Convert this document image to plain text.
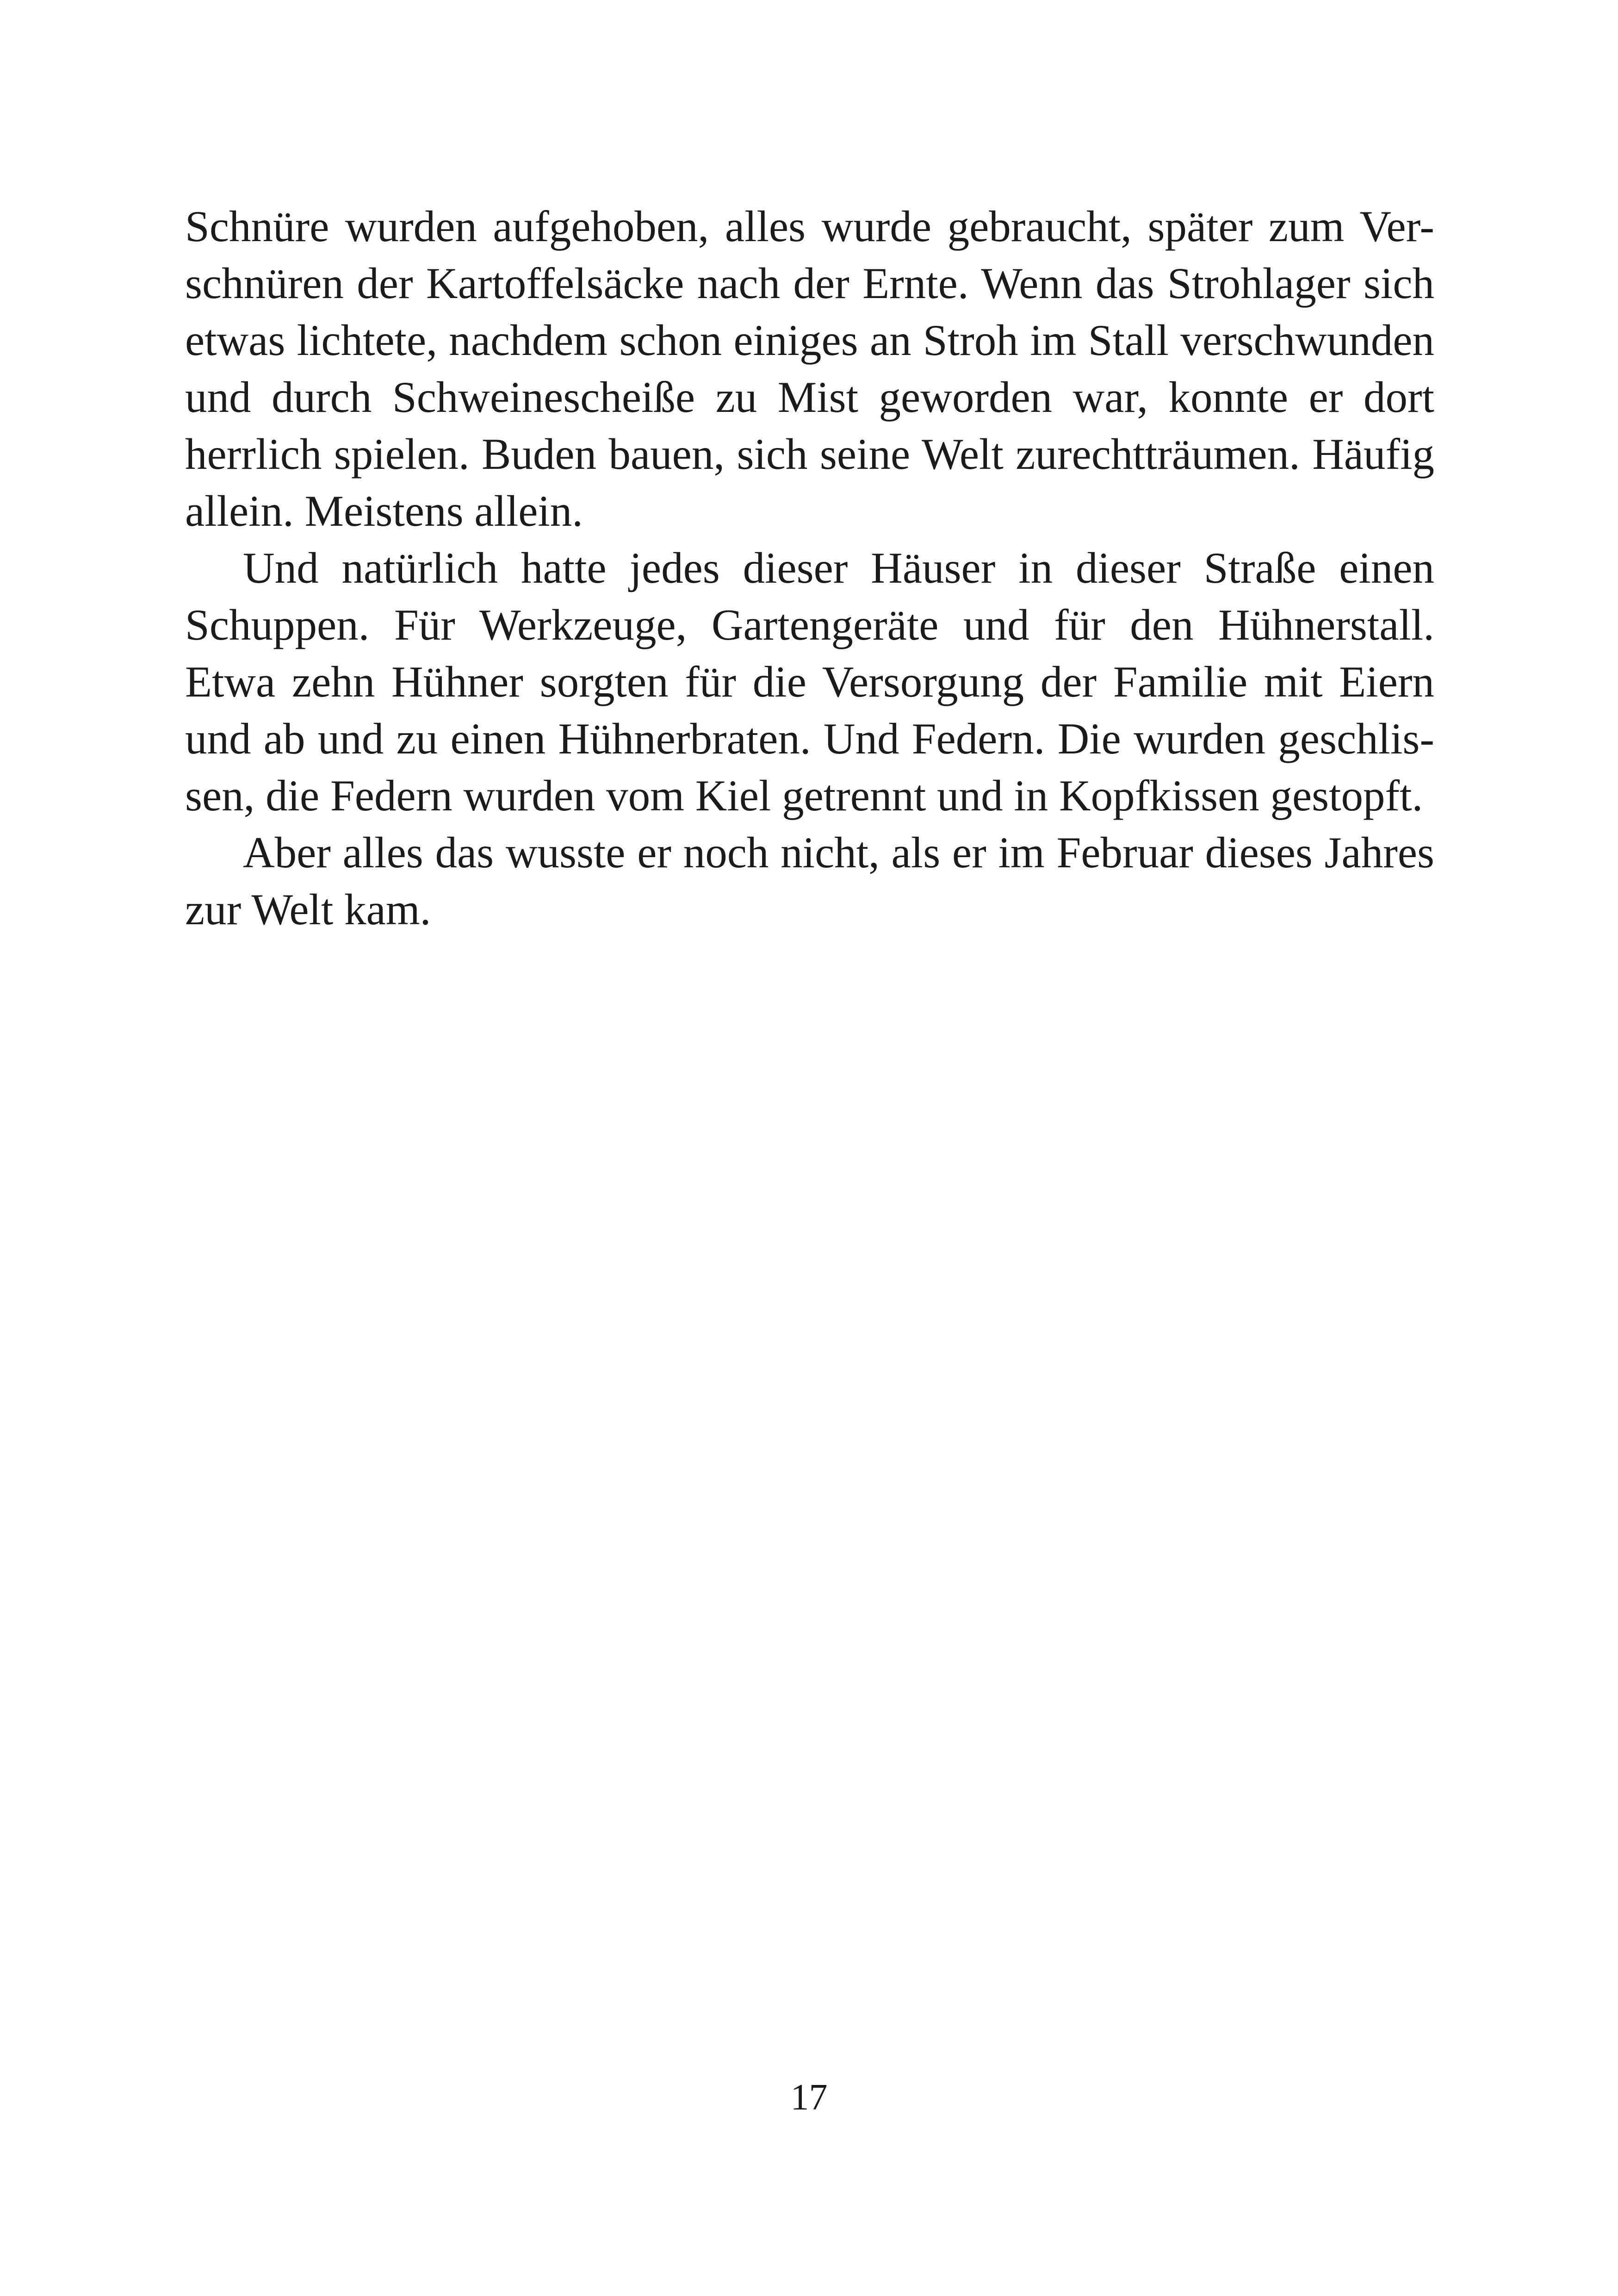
Schnüre wurden aufgehoben, alles wurde gebraucht, später zum Ver-
schnüren der Kartoffelsäcke nach der Ernte. Wenn das Strohlager sich
etwas lichtete, nachdem schon einiges an Stroh im Stall verschwunden
und durch Schweinescheiße zu Mist geworden war, konnte er dort
herrlich spielen. Buden bauen, sich seine Welt zurechtträumen. Häufig
allein. Meistens allein.
Und natürlich hatte jedes dieser Häuser in dieser Straße einen
Schuppen. Für Werkzeuge, Gartengeräte und für den Hühnerstall.
Etwa zehn Hühner sorgten für die Versorgung der Familie mit Eiern
und ab und zu einen Hühnerbraten. Und Federn. Die wurden geschlis-
sen, die Federn wurden vom Kiel getrennt und in Kopfkissen gestopft.
Aber alles das wusste er noch nicht, als er im Februar dieses Jahres
zur Welt kam.
17
